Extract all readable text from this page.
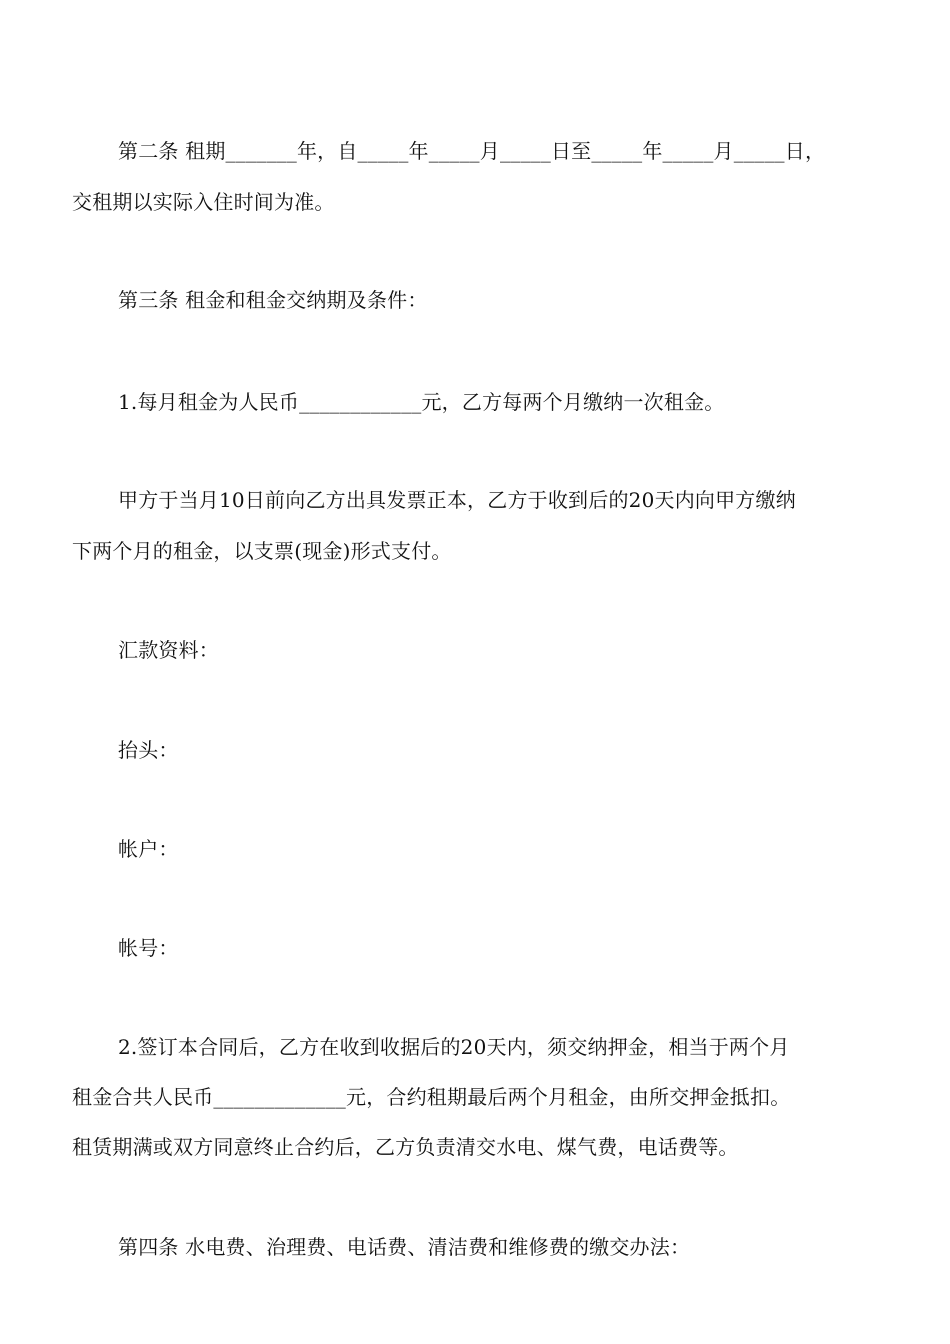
第二条 租期_______年，自_____年_____月_____日至_____年_____月_____日，
交租期以实际入住时间为准。
第三条 租金和租金交纳期及条件：
1.每月租金为人民币____________元，乙方每两个月缴纳一次租金。
甲方于当月10日前向乙方出具发票正本，乙方于收到后的20天内向甲方缴纳
下两个月的租金，以支票(现金)形式支付。
汇款资料：
抬头：
帐户：
帐号：
2.签订本合同后，乙方在收到收据后的20天内，须交纳押金，相当于两个月
租金合共人民币_____________元，合约租期最后两个月租金，由所交押金抵扣。
租赁期满或双方同意终止合约后，乙方负责清交水电、煤气费，电话费等。
第四条 水电费、治理费、电话费、清洁费和维修费的缴交办法：
